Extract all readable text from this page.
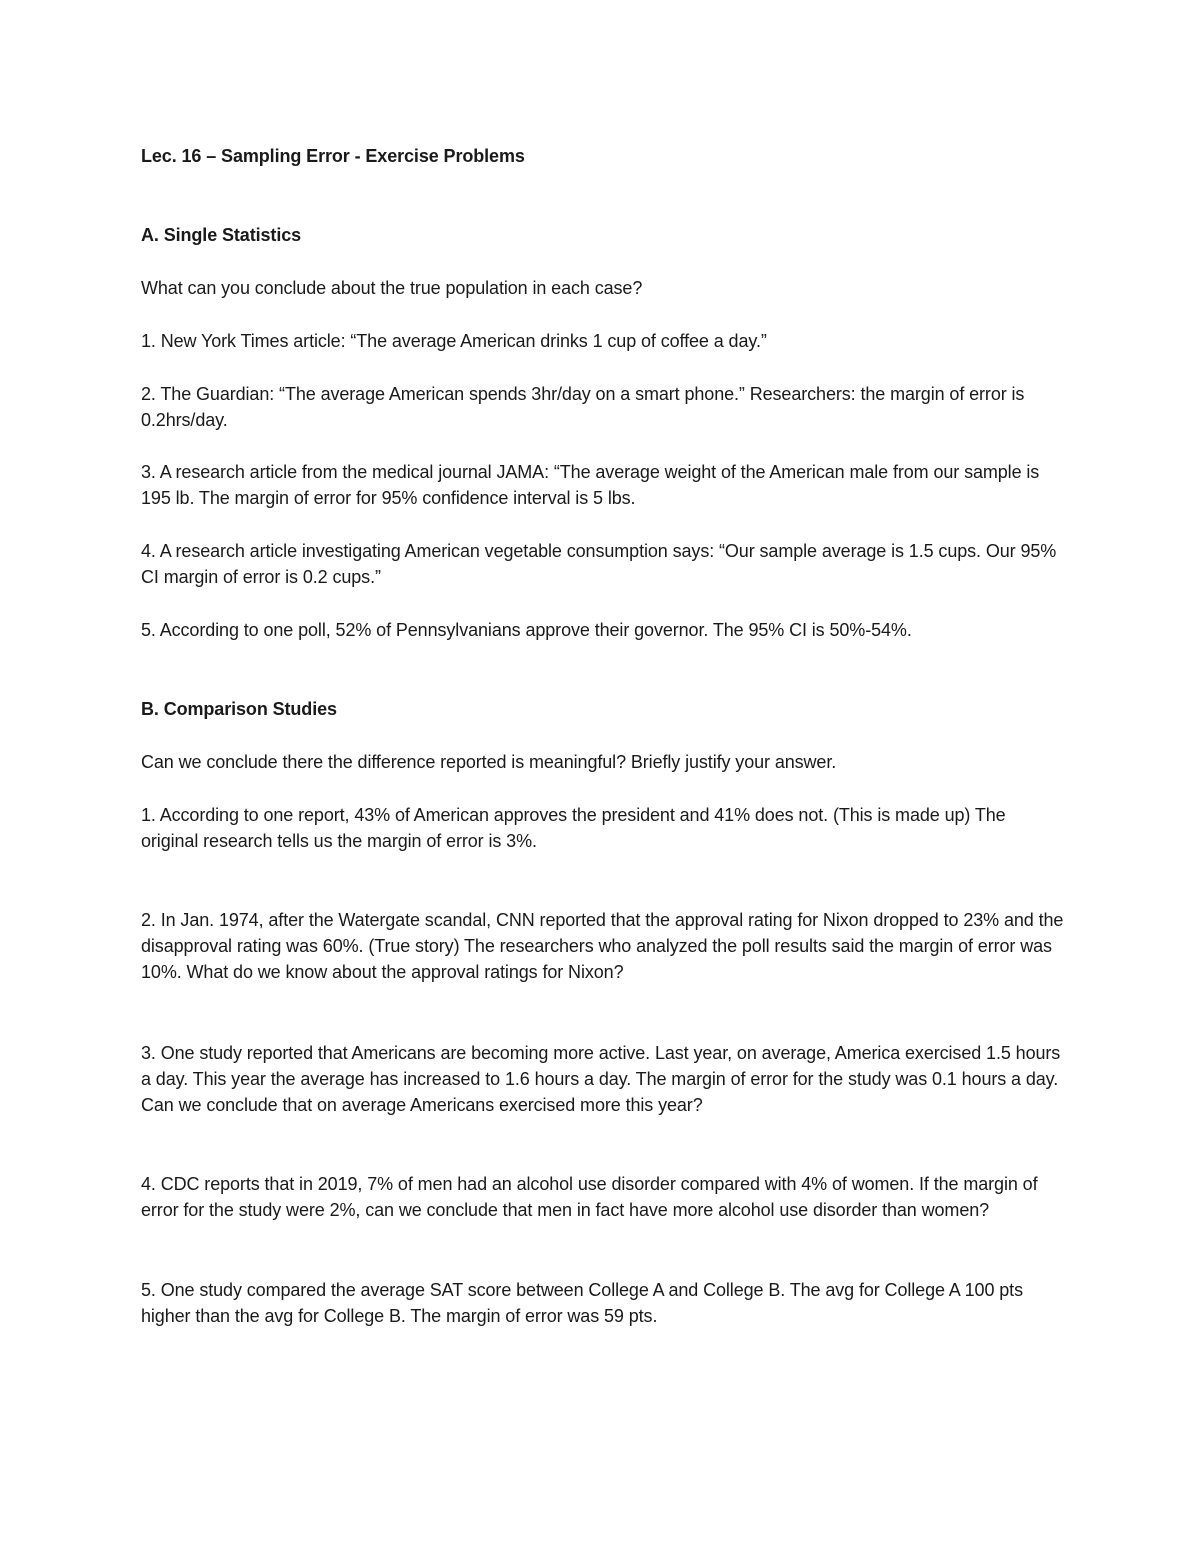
Lec. 16 – Sampling Error - Exercise Problems

A. Single Statistics

What can you conclude about the true population in each case?

1. New York Times article: “The average American drinks 1 cup of coffee a day.”

2. The Guardian: “The average American spends 3hr/day on a smart phone.” Researchers: the margin of error is 0.2hrs/day.

3. A research article from the medical journal JAMA: “The average weight of the American male from our sample is 195 lb. The margin of error for 95% confidence interval is 5 lbs.

4. A research article investigating American vegetable consumption says: “Our sample average is 1.5 cups. Our 95% CI margin of error is 0.2 cups.”

5. According to one poll, 52% of Pennsylvanians approve their governor. The 95% CI is 50%-54%.

B. Comparison Studies

Can we conclude there the difference reported is meaningful? Briefly justify your answer.

1. According to one report, 43% of American approves the president and 41% does not. (This is made up) The original research tells us the margin of error is 3%.

2. In Jan. 1974, after the Watergate scandal, CNN reported that the approval rating for Nixon dropped to 23% and the disapproval rating was 60%. (True story) The researchers who analyzed the poll results said the margin of error was 10%. What do we know about the approval ratings for Nixon?

3. One study reported that Americans are becoming more active. Last year, on average, America exercised 1.5 hours a day. This year the average has increased to 1.6 hours a day. The margin of error for the study was 0.1 hours a day. Can we conclude that on average Americans exercised more this year?

4. CDC reports that in 2019, 7% of men had an alcohol use disorder compared with 4% of women. If the margin of error for the study were 2%, can we conclude that men in fact have more alcohol use disorder than women?

5. One study compared the average SAT score between College A and College B. The avg for College A 100 pts higher than the avg for College B. The margin of error was 59 pts.
